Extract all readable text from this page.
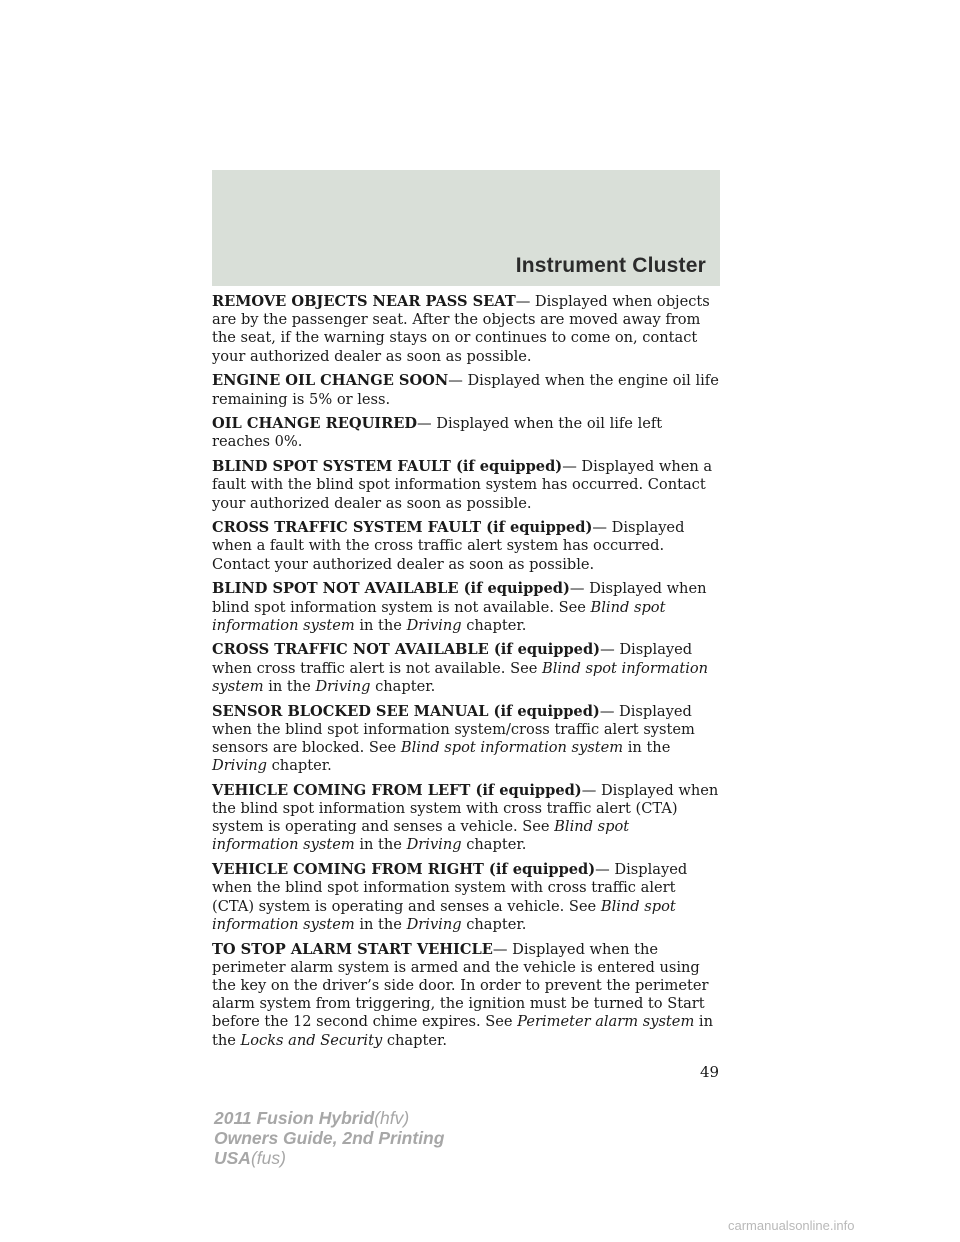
Instrument Cluster

REMOVE OBJECTS NEAR PASS SEAT— Displayed when objects are by the passenger seat. After the objects are moved away from the seat, if the warning stays on or continues to come on, contact your authorized dealer as soon as possible.

ENGINE OIL CHANGE SOON— Displayed when the engine oil life remaining is 5% or less.

OIL CHANGE REQUIRED— Displayed when the oil life left reaches 0%.

BLIND SPOT SYSTEM FAULT (if equipped)— Displayed when a fault with the blind spot information system has occurred. Contact your authorized dealer as soon as possible.

CROSS TRAFFIC SYSTEM FAULT (if equipped)— Displayed when a fault with the cross traffic alert system has occurred. Contact your authorized dealer as soon as possible.

BLIND SPOT NOT AVAILABLE (if equipped)— Displayed when blind spot information system is not available. See Blind spot information system in the Driving chapter.

CROSS TRAFFIC NOT AVAILABLE (if equipped)— Displayed when cross traffic alert is not available. See Blind spot information system in the Driving chapter.

SENSOR BLOCKED SEE MANUAL (if equipped)— Displayed when the blind spot information system/cross traffic alert system sensors are blocked. See Blind spot information system in the Driving chapter.

VEHICLE COMING FROM LEFT (if equipped)— Displayed when the blind spot information system with cross traffic alert (CTA) system is operating and senses a vehicle. See Blind spot information system in the Driving chapter.

VEHICLE COMING FROM RIGHT (if equipped)— Displayed when the blind spot information system with cross traffic alert (CTA) system is operating and senses a vehicle. See Blind spot information system in the Driving chapter.

TO STOP ALARM START VEHICLE— Displayed when the perimeter alarm system is armed and the vehicle is entered using the key on the driver’s side door. In order to prevent the perimeter alarm system from triggering, the ignition must be turned to Start before the 12 second chime expires. See Perimeter alarm system in the Locks and Security chapter.

49
2011 Fusion Hybrid(hfv)
Owners Guide, 2nd Printing
USA(fus)
carmanualsonline.info
